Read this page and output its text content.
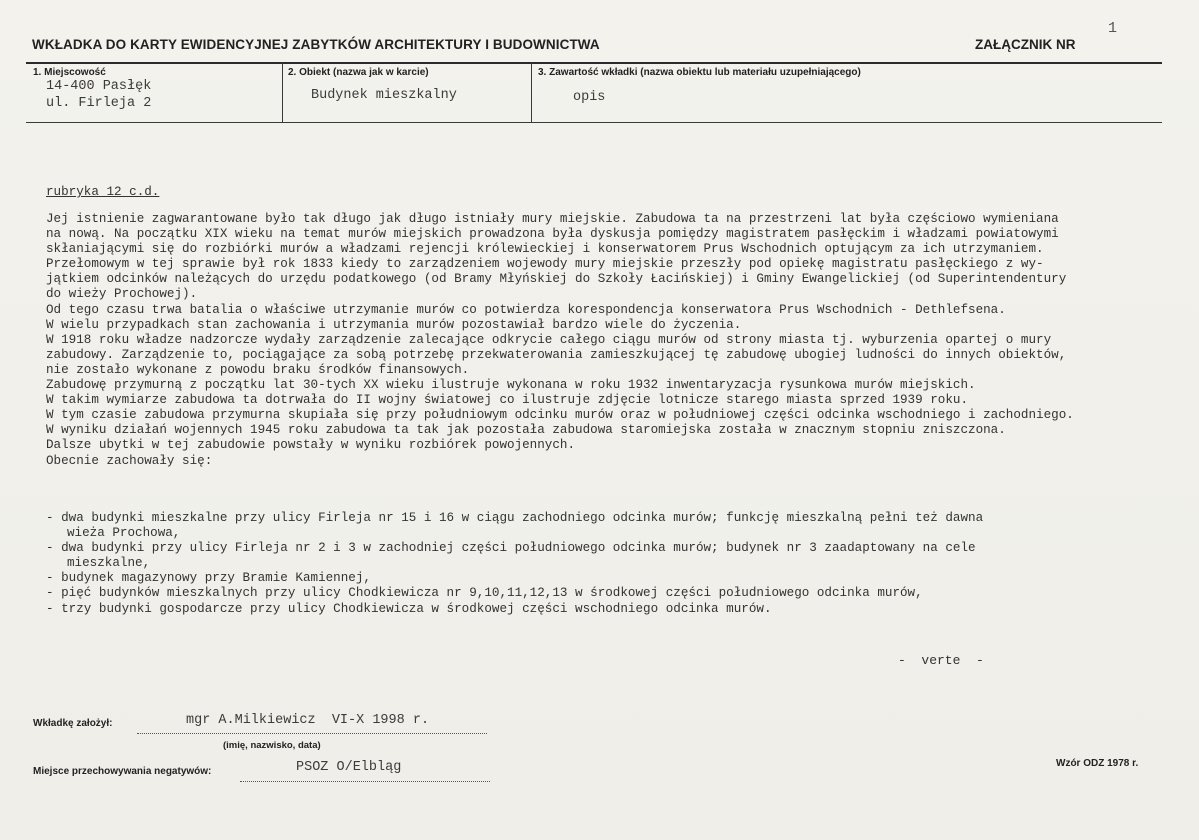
1
WKŁADKA DO KARTY EWIDENCYJNEJ ZABYTKÓW ARCHITEKTURY I BUDOWNICTWA	ZAŁĄCZNIK NR
1. Miejscowość
14-400 Pasłęk
ul. Firleja 2
2. Obiekt (nazwa jak w karcie)
Budynek mieszkalny
3. Zawartość wkładki (nazwa obiektu lub materiału uzupełniającego)
opis
rubryka 12 c.d.
Jej istnienie zagwarantowane było tak długo jak długo istniały mury miejskie. Zabudowa ta na przestrzeni lat była częściowo wymieniana
na nową. Na początku XIX wieku na temat murów miejskich prowadzona była dyskusja pomiędzy magistratem pasłęckim i władzami powiatowymi
skłaniającymi się do rozbiórki murów a władzami rejencji królewieckiej i konserwatorem Prus Wschodnich optującym za ich utrzymaniem.
Przełomowym w tej sprawie był rok 1833 kiedy to zarządzeniem wojewody mury miejskie przeszły pod opiekę magistratu pasłęckiego z wy-
jątkiem odcinków należących do urzędu podatkowego (od Bramy Młyńskiej do Szkoły Łacińskiej) i Gminy Ewangelickiej (od Superintendentury
do wieży Prochowej).
Od tego czasu trwa batalia o właściwe utrzymanie murów co potwierdza korespondencja konserwatora Prus Wschodnich - Dethlefsena.
W wielu przypadkach stan zachowania i utrzymania murów pozostawiał bardzo wiele do życzenia.
W 1918 roku władze nadzorcze wydały zarządzenie zalecające odkrycie całego ciągu murów od strony miasta tj. wyburzenia opartej o mury
zabudowy. Zarządzenie to, pociągające za sobą potrzebę przekwaterowania zamieszkującej tę zabudowę ubogiej ludności do innych obiektów,
nie zostało wykonane z powodu braku środków finansowych.
Zabudowę przymurną z początku lat 30-tych XX wieku ilustruje wykonana w roku 1932 inwentaryzacja rysunkowa murów miejskich.
W takim wymiarze zabudowa ta dotrwała do II wojny światowej co ilustruje zdjęcie lotnicze starego miasta sprzed 1939 roku.
W tym czasie zabudowa przymurna skupiała się przy południowym odcinku murów oraz w południowej części odcinka wschodniego i zachodniego.
W wyniku działań wojennych 1945 roku zabudowa ta tak jak pozostała zabudowa staromiejska została w znacznym stopniu zniszczona.
Dalsze ubytki w tej zabudowie powstały w wyniku rozbiórek powojennych.
Obecnie zachowały się:
- dwa budynki mieszkalne przy ulicy Firleja nr 15 i 16 w ciągu zachodniego odcinka murów; funkcję mieszkalną pełni też dawna
wieża Prochowa,
- dwa budynki przy ulicy Firleja nr 2 i 3 w zachodniej części południowego odcinka murów; budynek nr 3 zaadaptowany na cele
mieszkalne,
- budynek magazynowy przy Bramie Kamiennej,
- pięć budynków mieszkalnych przy ulicy Chodkiewicza nr 9,10,11,12,13 w środkowej części południowego odcinka murów,
- trzy budynki gospodarcze przy ulicy Chodkiewicza w środkowej części wschodniego odcinka murów.
-  verte  -
Wkładkę założył:	mgr A.Milkiewicz  VI-X 1998 r.
(imię, nazwisko, data)
Miejsce przechowywania negatywów:	PSOZ O/Elbląg	Wzór ODZ 1978 r.
